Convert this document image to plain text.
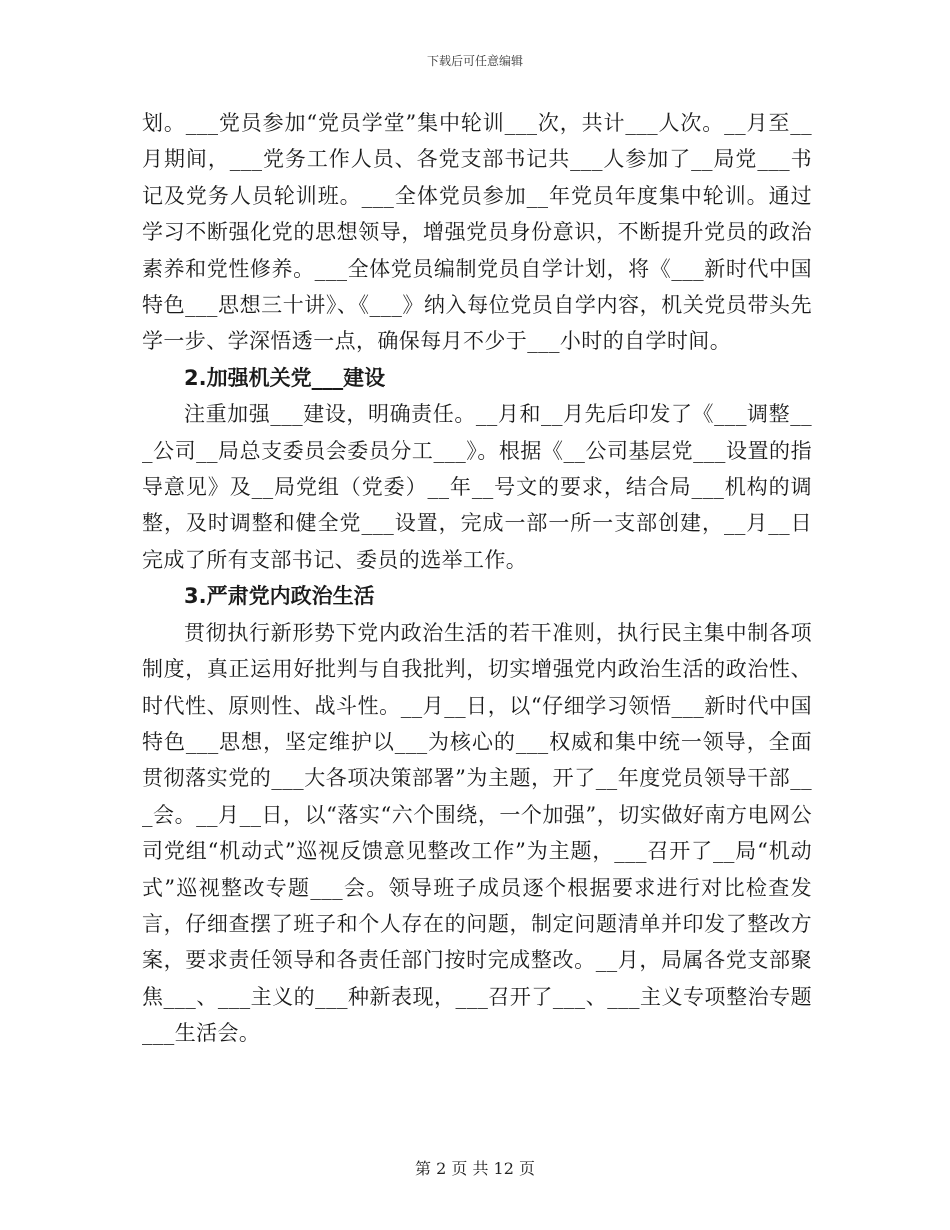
下载后可任意编辑

划。___党员参加“党员学堂”集中轮训___次，共计___人次。__月至__月期间，___党务工作人员、各党支部书记共___人参加了__局党___书记及党务人员轮训班。___全体党员参加__年党员年度集中轮训。通过学习不断强化党的思想领导，增强党员身份意识，不断提升党员的政治素养和党性修养。___全体党员编制党员自学计划，将《___新时代中国特色___思想三十讲》、《___》纳入每位党员自学内容，机关党员带头先学一步、学深悟透一点，确保每月不少于___小时的自学时间。

2.加强机关党___建设

注重加强___建设，明确责任。__月和__月先后印发了《___调整___公司__局总支委员会委员分工___》。根据《__公司基层党___设置的指导意见》及__局党组（党委）__年__号文的要求，结合局___机构的调整，及时调整和健全党___设置，完成一部一所一支部创建，__月__日完成了所有支部书记、委员的选举工作。

3.严肃党内政治生活

贯彻执行新形势下党内政治生活的若干准则，执行民主集中制各项制度，真正运用好批判与自我批判，切实增强党内政治生活的政治性、时代性、原则性、战斗性。__月__日，以“仔细学习领悟___新时代中国特色___思想，坚定维护以___为核心的___权威和集中统一领导，全面贯彻落实党的___大各项决策部署”为主题，开了__年度党员领导干部___会。__月__日，以“落实“六个围绕，一个加强”，切实做好南方电网公司党组“机动式”巡视反馈意见整改工作”为主题，___召开了__局“机动式”巡视整改专题___会。领导班子成员逐个根据要求进行对比检查发言，仔细查摆了班子和个人存在的问题，制定问题清单并印发了整改方案，要求责任领导和各责任部门按时完成整改。__月，局属各党支部聚焦___、___主义的___种新表现，___召开了___、___主义专项整治专题___生活会。

第 2 页 共 12 页
